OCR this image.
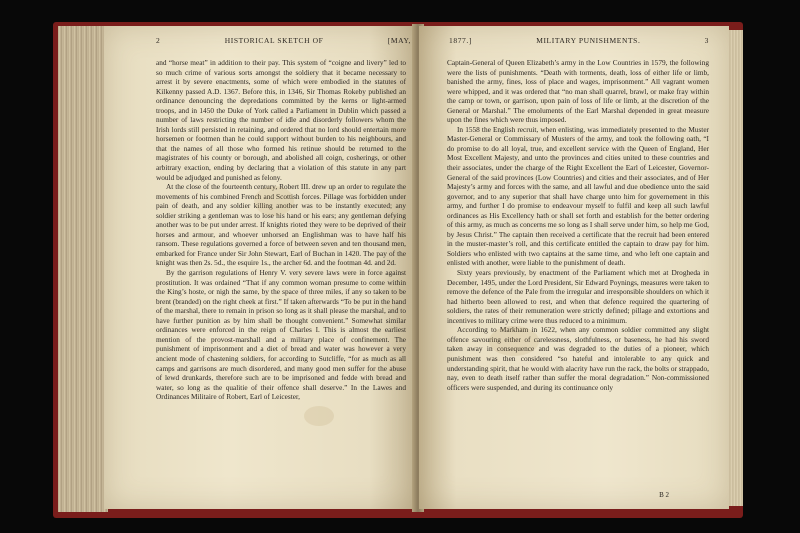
2	HISTORICAL SKETCH OF	[MAY,

and “horse meat” in addition to their pay. This system of “coigne and livery” led to so much crime of various sorts amongst the soldiery that it became necessary to arrest it by severe enactments, some of which were embodied in the statutes of Kilkenny passed A.D. 1367. Before this, in 1346, Sir Thomas Rokeby published an ordinance denouncing the depredations committed by the kerns or light-armed troops, and in 1450 the Duke of York called a Parliament in Dublin which passed a number of laws restricting the number of idle and disorderly followers whom the Irish lords still persisted in retaining, and ordered that no lord should entertain more horsemen or footmen than he could support without burden to his neighbours, and that the names of all those who formed his retinue should be returned to the magistrates of his county or borough, and abolished all coign, cosherings, or other arbitrary exaction, ending by declaring that a violation of this statute in any part would be adjudged and punished as felony.

At the close of the fourteenth century, Robert III. drew up an order to regulate the movements of his combined French and Scottish forces. Pillage was forbidden under pain of death, and any soldier killing another was to be instantly executed; any soldier striking a gentleman was to lose his hand or his ears; any gentleman defying another was to be put under arrest. If knights rioted they were to be deprived of their horses and armour, and whoever unhorsed an Englishman was to have half his ransom. These regulations governed a force of between seven and ten thousand men, embarked for France under Sir John Stewart, Earl of Buchan in 1420. The pay of the knight was then 2s. 5d., the esquire 1s., the archer 6d. and the footman 4d. and 2d.

By the garrison regulations of Henry V. very severe laws were in force against prostitution. It was ordained “That if any common woman presume to come within the King’s hoste, or nigh the same, by the space of three miles, if any so taken to be brent (branded) on the right cheek at first.” If taken afterwards “To be put in the hand of the marshal, there to remain in prison so long as it shall please the marshal, and to have further punition as by him shall be thought convenient.” Somewhat similar ordinances were enforced in the reign of Charles I. This is almost the earliest mention of the provost-marshall and a military place of confinement. The punishment of imprisonment and a diet of bread and water was however a very ancient mode of chastening soldiers, for according to Sutcliffe, “for as much as all camps and garrisons are much disordered, and many good men suffer for the abuse of lewd drunkards, therefore such are to be imprisoned and fedde with bread and water, so long as the qualitie of their offence shall deserve.” In the Lawes and Ordinances Militaire of Robert, Earl of Leicester,

1877.]	MILITARY PUNISHMENTS.	3

Captain-General of Queen Elizabeth’s army in the Low Countries in 1579, the following were the lists of punishments. “Death with torments, death, loss of either life or limb, banished the army, fines, loss of place and wages, imprisonment.” All vagrant women were whipped, and it was ordered that “no man shall quarrel, brawl, or make fray within the camp or town, or garrison, upon pain of loss of life or limb, at the discretion of the General or Marshal.” The emoluments of the Earl Marshal depended in great measure upon the fines which were thus imposed.

In 1558 the English recruit, when enlisting, was immediately presented to the Muster Master-General or Commissary of Musters of the army, and took the following oath, “I do promise to do all loyal, true, and excellent service with the Queen of England, Her Most Excellent Majesty, and unto the provinces and cities united to these countries and their associates, under the charge of the Right Excellent the Earl of Leicester, Governor-General of the said provinces (Low Countries) and cities and their associates, and of Her Majesty’s army and forces with the same, and all lawful and due obedience unto the said governor, and to any superior that shall have charge unto him for governement in this army, and further I do promise to endeavour myself to fulfil and keep all such lawful ordinances as His Excellency hath or shall set forth and establish for the better ordering of this army, as much as concerns me so long as I shall serve under him, so help me God, by Jesus Christ.” The captain then received a certificate that the recruit had been entered in the muster-master’s roll, and this certificate entitled the captain to draw pay for him. Soldiers who enlisted with two captains at the same time, and who left one captain and enlisted with another, were liable to the punishment of death.

Sixty years previously, by enactment of the Parliament which met at Drogheda in December, 1495, under the Lord President, Sir Edward Poynings, measures were taken to remove the defence of the Pale from the irregular and irresponsible shoulders on which it had hitherto been allowed to rest, and when that defence required the quartering of soldiers, the rates of their remuneration were strictly defined; pillage and extortions and incentives to military crime were thus reduced to a minimum.

According to Markham in 1622, when any common soldier committed any slight offence savouring either of carelessness, slothfulness, or baseness, he had his sword taken away in consequence and was degraded to the duties of a pioneer, which punishment was then considered “so hateful and intolerable to any quick and understanding spirit, that he would with alacrity have run the rack, the bolts or strappado, nay, even to death itself rather than suffer the moral degradation.” Non-commissioned officers were suspended, and during its continuance only

B 2
